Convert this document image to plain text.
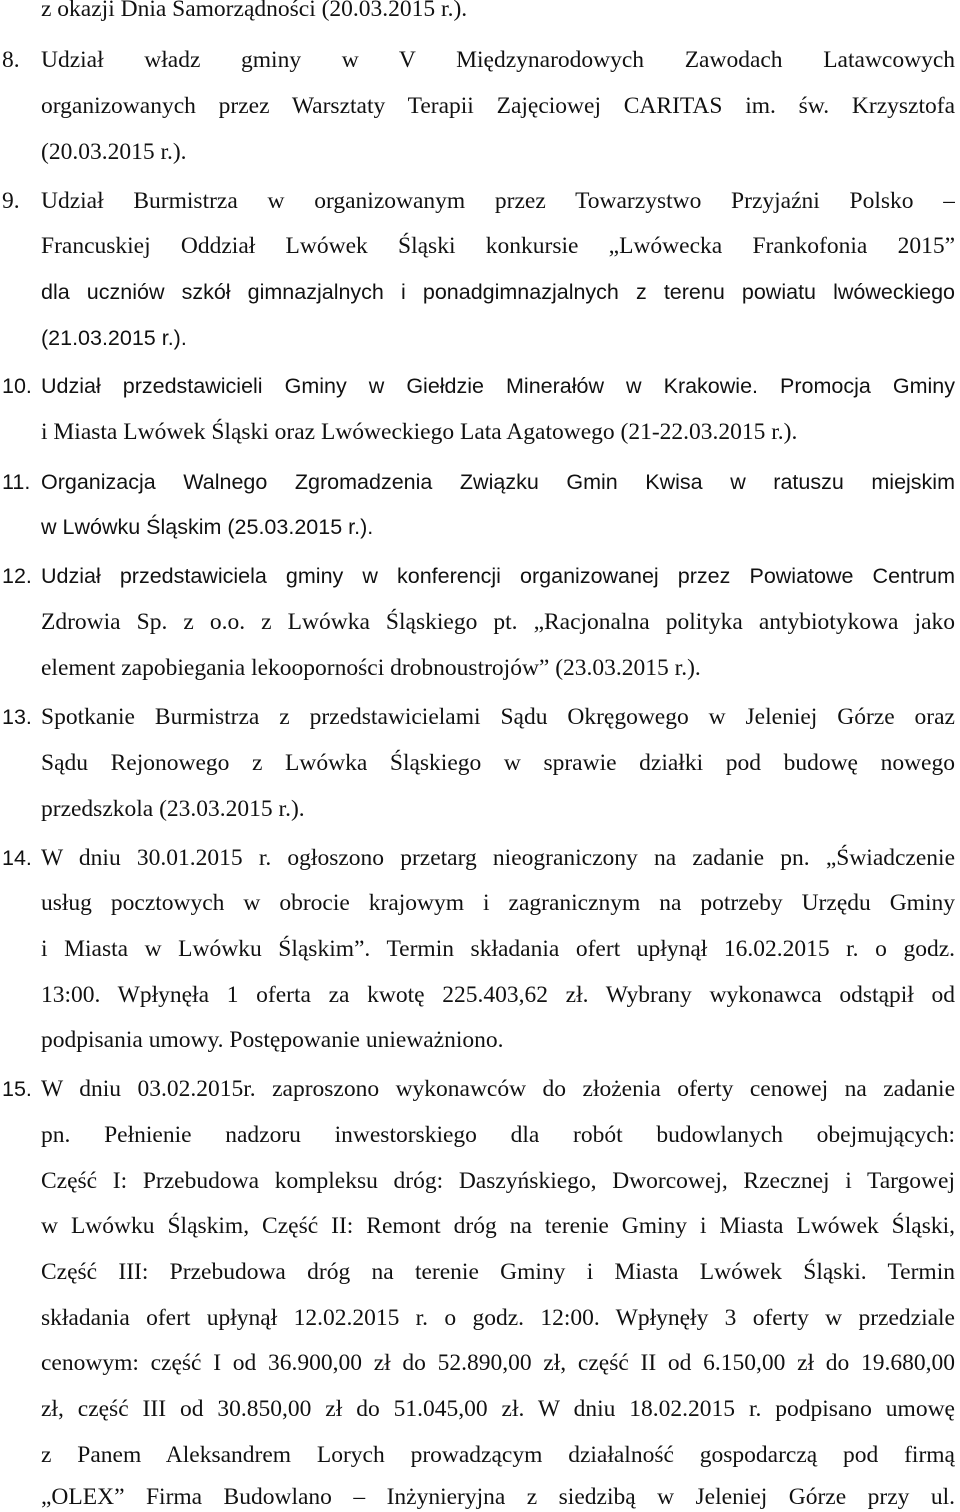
z okazji Dnia Samorządności (20.03.2015 r.).
8. Udział władz gminy w V Międzynarodowych Zawodach Latawcowych
organizowanych przez Warsztaty Terapii Zajęciowej CARITAS im. św. Krzysztofa
(20.03.2015 r.).
9. Udział Burmistrza w organizowanym przez Towarzystwo Przyjaźni Polsko –
Francuskiej Oddział Lwówek Śląski konkursie „Lwówecka Frankofonia 2015”
dla uczniów szkół gimnazjalnych i ponadgimnazjalnych z terenu powiatu lwóweckiego
(21.03.2015 r.).
10. Udział przedstawicieli Gminy w Giełdzie Minerałów w Krakowie. Promocja Gminy
i Miasta Lwówek Śląski oraz Lwóweckiego Lata Agatowego (21-22.03.2015 r.).
11. Organizacja Walnego Zgromadzenia Związku Gmin Kwisa w ratuszu miejskim
w Lwówku Śląskim (25.03.2015 r.).
12. Udział przedstawiciela gminy w konferencji organizowanej przez Powiatowe Centrum
Zdrowia Sp. z o.o. z Lwówka Śląskiego pt. „Racjonalna polityka antybiotykowa jako
element zapobiegania lekooporności drobnoustrojów” (23.03.2015 r.).
13. Spotkanie Burmistrza z przedstawicielami Sądu Okręgowego w Jeleniej Górze oraz
Sądu Rejonowego z Lwówka Śląskiego w sprawie działki pod budowę nowego
przedszkola (23.03.2015 r.).
14. W dniu 30.01.2015 r. ogłoszono przetarg nieograniczony na zadanie pn. „Świadczenie
usług pocztowych w obrocie krajowym i zagranicznym na potrzeby Urzędu Gminy
i Miasta w Lwówku Śląskim”. Termin składania ofert upłynął 16.02.2015 r. o godz.
13:00. Wpłynęła 1 oferta za kwotę 225.403,62 zł. Wybrany wykonawca odstąpił od
podpisania umowy. Postępowanie unieważniono.
15. W dniu 03.02.2015r. zaproszono wykonawców do złożenia oferty cenowej na zadanie
pn. Pełnienie nadzoru inwestorskiego dla robót budowlanych obejmujących:
Część I: Przebudowa kompleksu dróg: Daszyńskiego, Dworcowej, Rzecznej i Targowej
w Lwówku Śląskim, Część II: Remont dróg na terenie Gminy i Miasta Lwówek Śląski,
Część III: Przebudowa dróg na terenie Gminy i Miasta Lwówek Śląski. Termin
składania ofert upłynął 12.02.2015 r. o godz. 12:00. Wpłynęły 3 oferty w przedziale
cenowym: część I od 36.900,00 zł do 52.890,00 zł, część II od 6.150,00 zł do 19.680,00
zł, część III od 30.850,00 zł do 51.045,00 zł. W dniu 18.02.2015 r. podpisano umowę
z Panem Aleksandrem Lorych prowadzącym działalność gospodarczą pod firmą
„OLEX” Firma Budowlano – Inżynieryjna z siedzibą w Jeleniej Górze przy ul.
